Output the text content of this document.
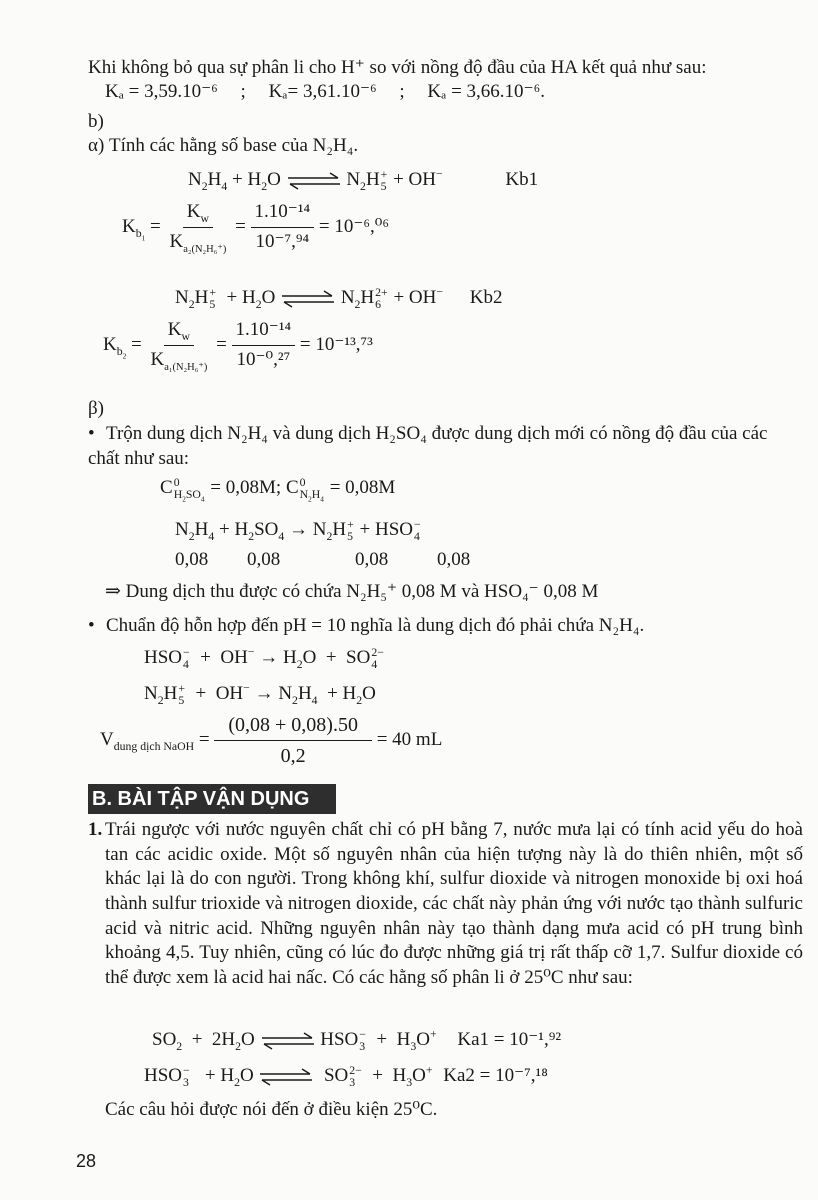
Khi không bỏ qua sự phân li cho H⁺ so với nồng độ đầu của HA kết quả như sau:
Kₐ = 3,59.10⁻⁶ ; Kₐ= 3,61.10⁻⁶ ; Kₐ = 3,66.10⁻⁶.
b)
α) Tính các hằng số base của N₂H₄.
$N_2H_4 + H_2O$	$N_2H$ +
5 + OH−	Kb1
$K_{b_1} = \frac{K_w}{K_{a_2(N_2H_6^+)}} = \frac{\text{1.10⁻¹⁴}}{\text{10⁻⁷,⁹⁴}} = 10^{-6},^{06}$
$N_2H$ +
$5 + H_2O$	$N_2H$ 2+
6 + OH− Kb2
$K_{b_2} = \frac{K_w}{K_{a_1(N_2H_6^+)}} = \frac{\text{1.10⁻¹⁴}}{\text{10⁻⁰,²⁷}} = 10^{-13},^{73}$
β)
• Trộn dung dịch N₂H₄ và dung dịch H₂SO₄ được dung dịch mới có nồng độ đầu của các chất như sau:
C 0
$H_2SO_4$
= 0,08M; C 0
$N_2H_4$
= 0,08M
$N_2H_4 + H_2SO_4 \to N_2H$ +
5 + HSO −
4
0,08 0,08	0,08	0,08
⇒ Dung dịch thu được có chứa N₂H₅⁺ 0,08 M và HSO₄⁻ 0,08 M
• Chuẩn độ hỗn hợp đến pH = 10 nghĩa là dung dịch đó phải chứa N₂H₄.
HSO −
$4 + OH^- \to H_2O$  +  SO 2−
4
$N_2H$ +
$5 + OH^- \to N_2H_4 + H_2O$
$V_{dung dịch NaOH} = \frac{(0,08 + 0,08).50}{0,2} = 40$ mL
B. BÀI TẬP VẬN DỤNG
1. Trái ngược với nước nguyên chất chỉ có pH bằng 7, nước mưa lại có tính acid yếu do hoà tan các acidic oxide. Một số nguyên nhân của hiện tượng này là do thiên nhiên, một số khác lại là do con người. Trong không khí, sulfur dioxide và nitrogen monoxide bị oxi hoá thành sulfur trioxide và nitrogen dioxide, các chất này phản ứng với nước tạo thành sulfuric acid và nitric acid. Những nguyên nhân này tạo thành dạng mưa acid có pH trung bình khoảng 4,5. Tuy nhiên, cũng có lúc đo được những giá trị rất thấp cỡ 1,7. Sulfur dioxide có thể được xem là acid hai nấc. Có các hằng số phân li ở 25⁰C như sau:
$SO_2 + 2H_2O$	HSO −
$3 + H_3O^+$ Ka1 = 10⁻¹,⁹²
HSO −
$3 + H_2O$	SO 2−
$3 + H_3O^+$ Ka2 = 10⁻⁷,¹⁸
Các câu hỏi được nói đến ở điều kiện 25⁰C.
28
